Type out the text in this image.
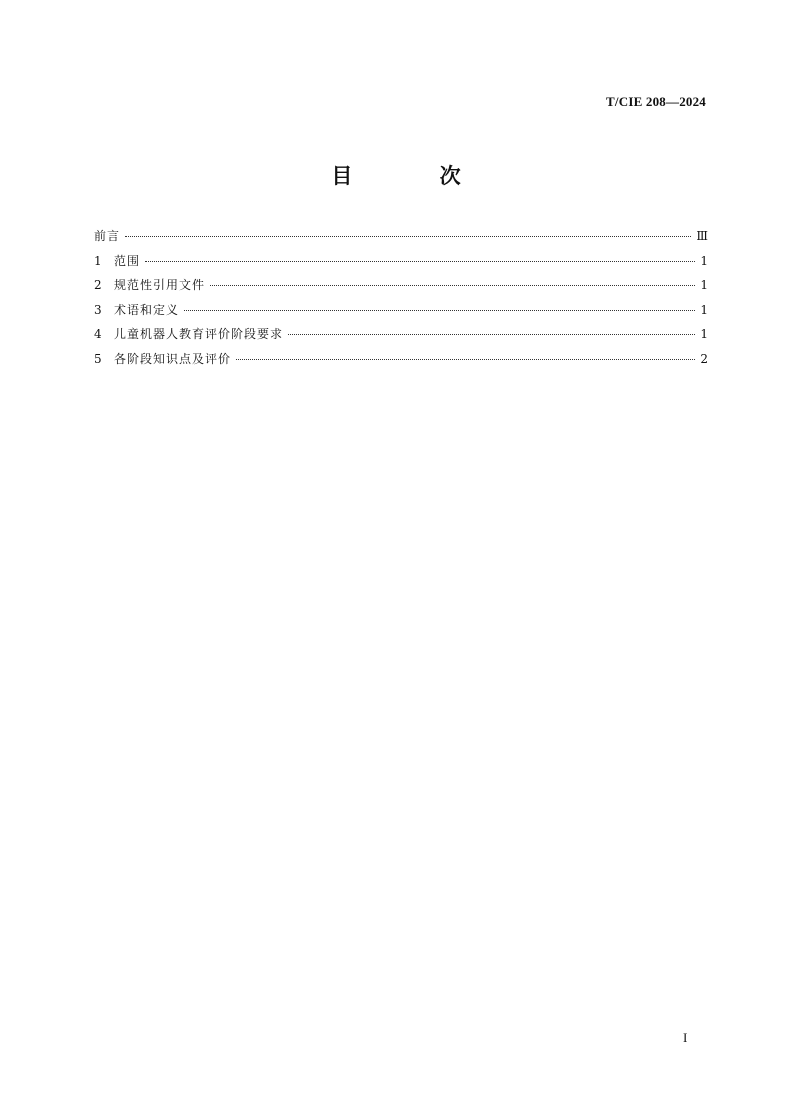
T/CIE 208—2024
目 次
前言	Ⅲ
1	范围	1
2	规范性引用文件	1
3	术语和定义	1
4	儿童机器人教育评价阶段要求	1
5	各阶段知识点及评价	2
I
